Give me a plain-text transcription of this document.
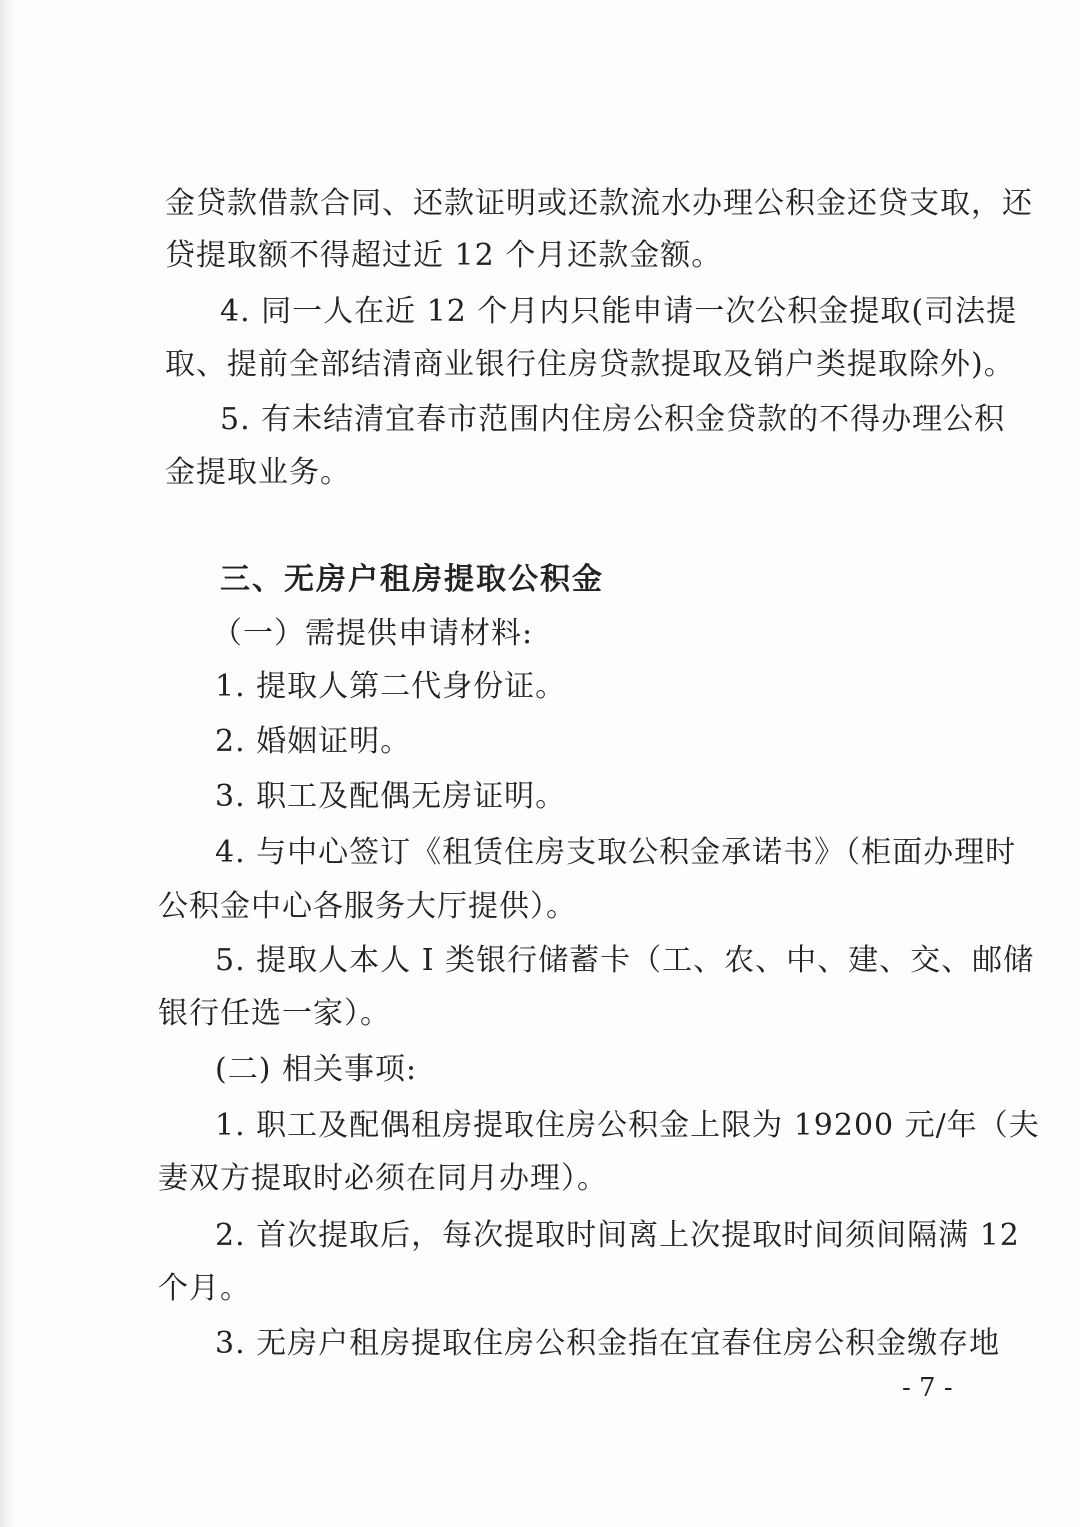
金贷款借款合同、还款证明或还款流水办理公积金还贷支取，还
贷提取额不得超过近 12 个月还款金额。
4. 同一人在近 12 个月内只能申请一次公积金提取(司法提
取、提前全部结清商业银行住房贷款提取及销户类提取除外)。
5. 有未结清宜春市范围内住房公积金贷款的不得办理公积
金提取业务。
三、无房户租房提取公积金
（一）需提供申请材料:
1. 提取人第二代身份证。
2. 婚姻证明。
3. 职工及配偶无房证明。
4. 与中心签订《租赁住房支取公积金承诺书》（柜面办理时
公积金中心各服务大厅提供）。
5. 提取人本人 I 类银行储蓄卡（工、农、中、建、交、邮储
银行任选一家）。
(二) 相关事项:
1. 职工及配偶租房提取住房公积金上限为 19200 元/年（夫
妻双方提取时必须在同月办理）。
2. 首次提取后，每次提取时间离上次提取时间须间隔满 12
个月。
3. 无房户租房提取住房公积金指在宜春住房公积金缴存地
- 7 -
